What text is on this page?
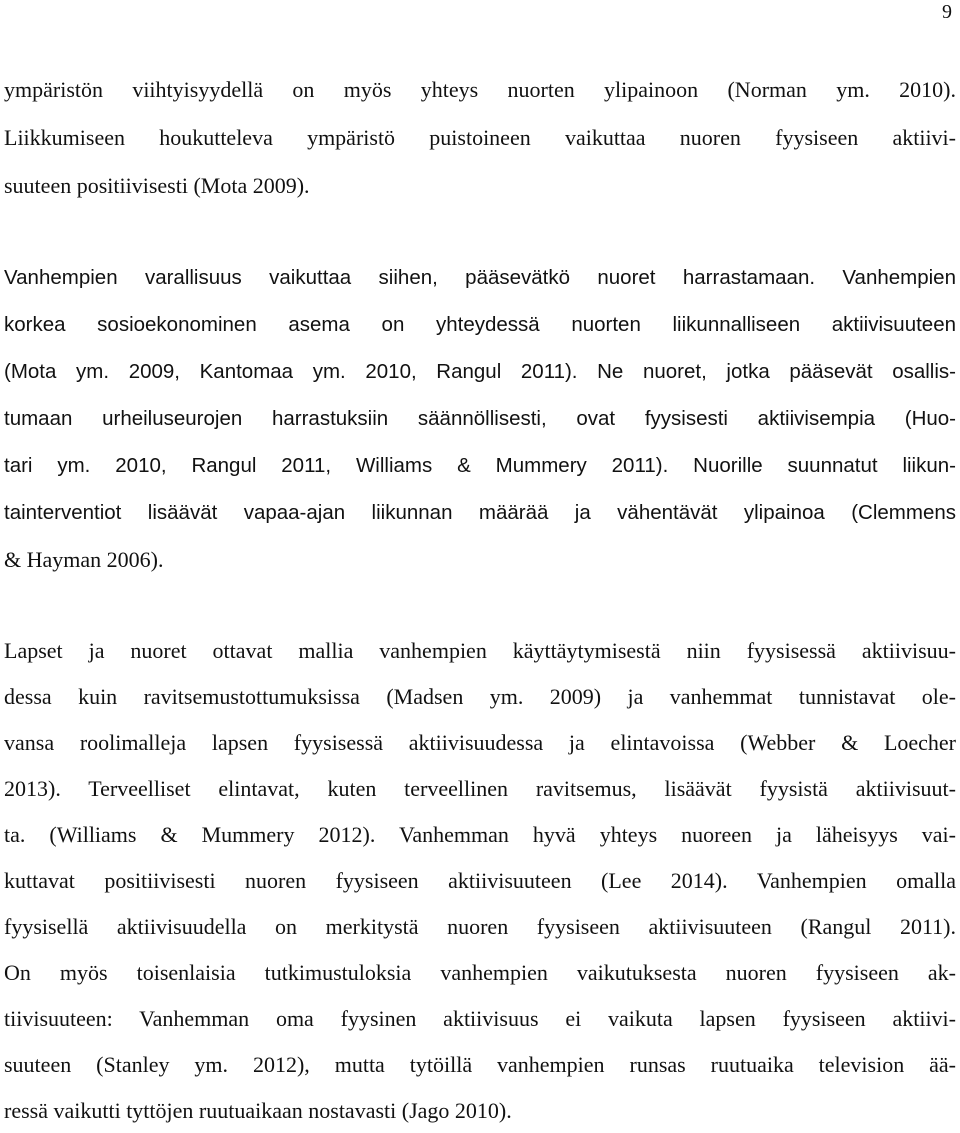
9
ympäristön viihtyisyydellä on myös yhteys nuorten ylipainoon (Norman ym. 2010).
Liikkumiseen houkutteleva ympäristö puistoineen vaikuttaa nuoren fyysiseen aktiivi-
suuteen positiivisesti (Mota 2009).
Vanhempien varallisuus vaikuttaa siihen, pääsevätkö nuoret harrastamaan. Vanhempien
korkea sosioekonominen asema on yhteydessä nuorten liikunnalliseen aktiivisuuteen
(Mota ym. 2009, Kantomaa ym. 2010, Rangul 2011). Ne nuoret, jotka pääsevät osallis-
tumaan urheiluseurojen harrastuksiin säännöllisesti, ovat fyysisesti aktiivisempia (Huo-
tari ym. 2010, Rangul 2011, Williams & Mummery 2011). Nuorille suunnatut liikun-
tainterventiot lisäävät vapaa-ajan liikunnan määrää ja vähentävät ylipainoa (Clemmens
& Hayman 2006).
Lapset ja nuoret ottavat mallia vanhempien käyttäytymisestä niin fyysisessä aktiivisuu-
dessa kuin ravitsemustottumuksissa (Madsen ym. 2009) ja vanhemmat tunnistavat ole-
vansa roolimalleja lapsen fyysisessä aktiivisuudessa ja elintavoissa (Webber & Loecher
2013). Terveelliset elintavat, kuten terveellinen ravitsemus, lisäävät fyysistä aktiivisuut-
ta. (Williams & Mummery 2012). Vanhemman hyvä yhteys nuoreen ja läheisyys vai-
kuttavat positiivisesti nuoren fyysiseen aktiivisuuteen (Lee 2014). Vanhempien omalla
fyysisellä aktiivisuudella on merkitystä nuoren fyysiseen aktiivisuuteen (Rangul 2011).
On myös toisenlaisia tutkimustuloksia vanhempien vaikutuksesta nuoren fyysiseen ak-
tiivisuuteen: Vanhemman oma fyysinen aktiivisuus ei vaikuta lapsen fyysiseen aktiivi-
suuteen (Stanley ym. 2012), mutta tytöillä vanhempien runsas ruutuaika television ää-
ressä vaikutti tyttöjen ruutuaikaan nostavasti (Jago 2010).
